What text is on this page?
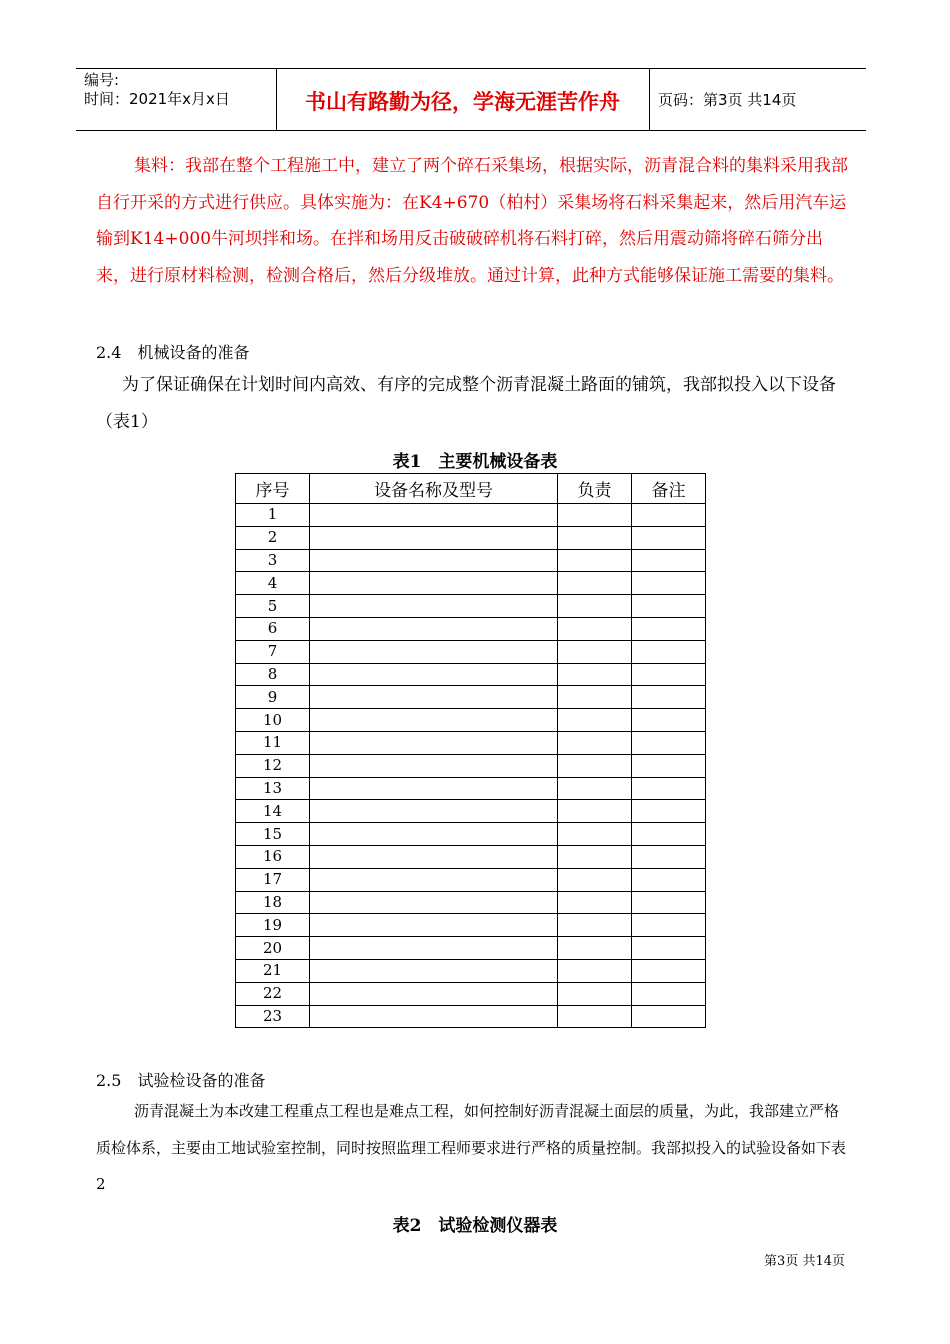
编号:
时间：2021年x月x日	书山有路勤为径，学海无涯苦作舟	页码：第3页 共14页
集料：我部在整个工程施工中，建立了两个碎石采集场，根据实际，沥青混合料的集料采用我部自行开采的方式进行供应。具体实施为：在K4+670（柏村）采集场将石料采集起来，然后用汽车运输到K14+000牛河坝拌和场。在拌和场用反击破破碎机将石料打碎，然后用震动筛将碎石筛分出来，进行原材料检测，检测合格后，然后分级堆放。通过计算，此种方式能够保证施工需要的集料。
2.4　机械设备的准备
为了保证确保在计划时间内高效、有序的完成整个沥青混凝土路面的铺筑，我部拟投入以下设备（表1）
表1　主要机械设备表
序号	设备名称及型号	负责	备注
1			
2			
3			
4			
5			
6			
7			
8			
9			
10			
11			
12			
13			
14			
15			
16			
17			
18			
19			
20			
21			
22			
23			
2.5　试验检设备的准备
沥青混凝土为本改建工程重点工程也是难点工程，如何控制好沥青混凝土面层的质量，为此，我部建立严格质检体系，主要由工地试验室控制，同时按照监理工程师要求进行严格的质量控制。我部拟投入的试验设备如下表2
表2　试验检测仪器表
第3页 共14页
